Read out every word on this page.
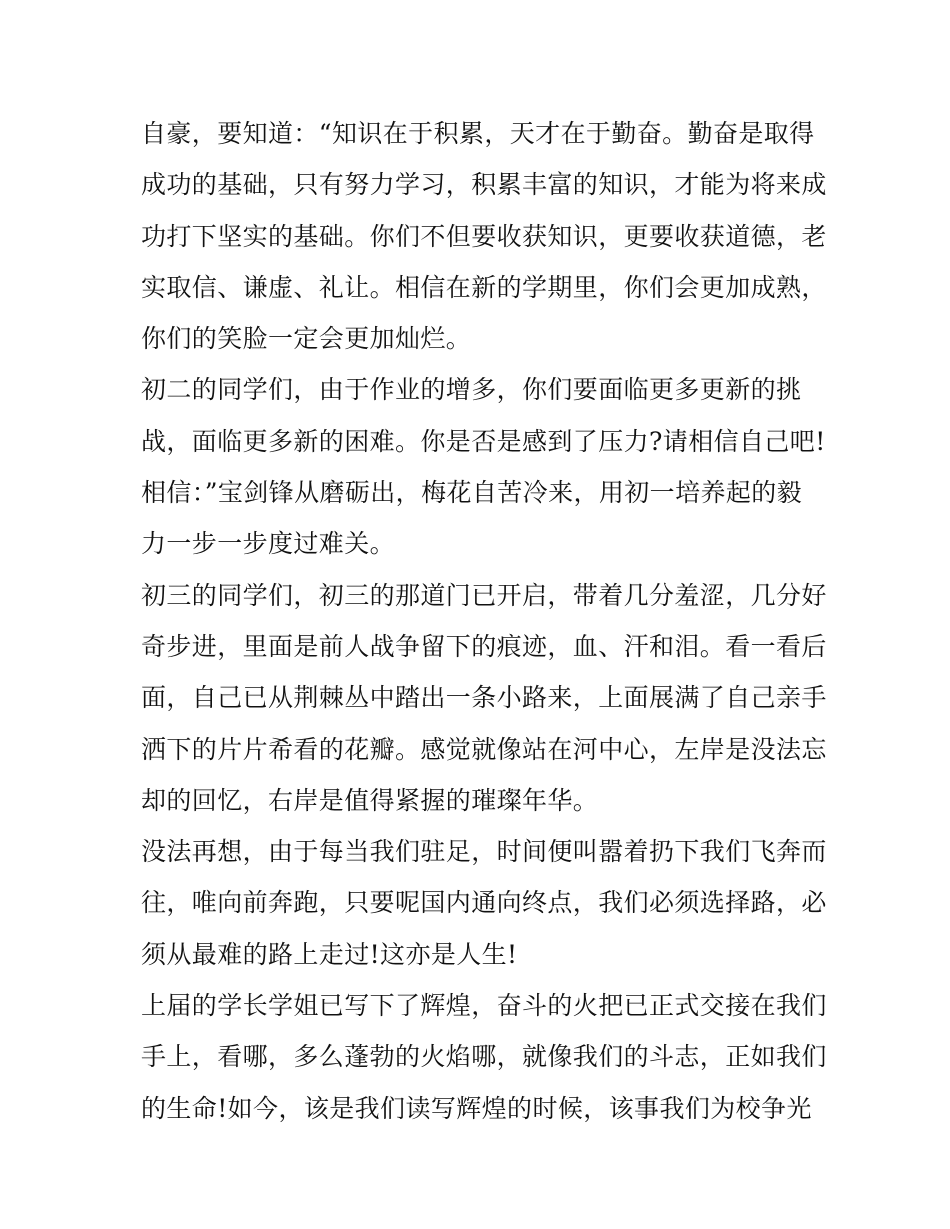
自豪，要知道：“知识在于积累，天才在于勤奋。勤奋是取得
成功的基础，只有努力学习，积累丰富的知识，才能为将来成
功打下坚实的基础。你们不但要收获知识，更要收获道德，老
实取信、谦虚、礼让。相信在新的学期里，你们会更加成熟，
你们的笑脸一定会更加灿烂。
初二的同学们，由于作业的增多，你们要面临更多更新的挑
战，面临更多新的困难。你是否是感到了压力?请相信自己吧!
相信：”宝剑锋从磨砺出，梅花自苦冷来，用初一培养起的毅
力一步一步度过难关。
初三的同学们，初三的那道门已开启，带着几分羞涩，几分好
奇步进，里面是前人战争留下的痕迹，血、汗和泪。看一看后
面，自己已从荆棘丛中踏出一条小路来，上面展满了自己亲手
洒下的片片希看的花瓣。感觉就像站在河中心，左岸是没法忘
却的回忆，右岸是值得紧握的璀璨年华。
没法再想，由于每当我们驻足，时间便叫嚣着扔下我们飞奔而
往，唯向前奔跑，只要呢国内通向终点，我们必须选择路，必
须从最难的路上走过!这亦是人生!
上届的学长学姐已写下了辉煌，奋斗的火把已正式交接在我们
手上，看哪，多么蓬勃的火焰哪，就像我们的斗志，正如我们
的生命!如今，该是我们读写辉煌的时候，该事我们为校争光
